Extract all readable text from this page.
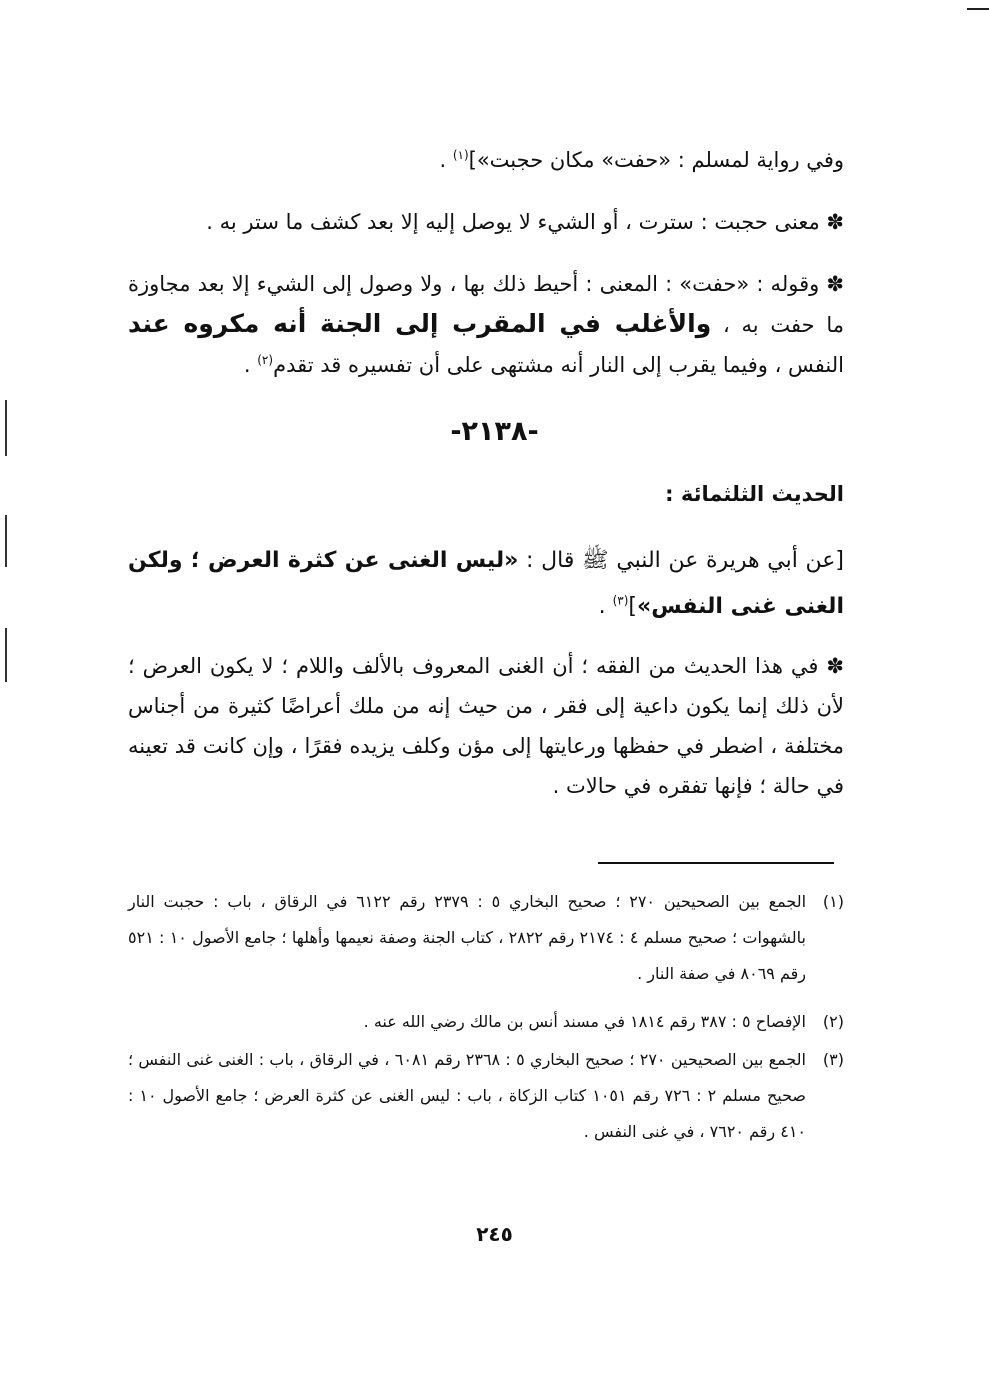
وفي رواية لمسلم : «حفت» مكان حجبت»]$^{(١)}$ .

✽ معنى حجبت : سترت ، أو الشيء لا يوصل إليه إلا بعد كشف ما ستر به .

✽ وقوله : «حفت» : المعنى : أحيط ذلك بها ، ولا وصول إلى الشيء إلا بعد مجاوزة ما حفت به ، والأغلب في المقرب إلى الجنة أنه مكروه عند النفس ، وفيما يقرب إلى النار أنه مشتهى على أن تفسيره قد تقدم$^{(٢)}$ .

-٢١٣٨-
الحديث الثلثمائة :

[عن أبي هريرة عن النبي ﷺ قال : «ليس الغنى عن كثرة العرض ؛ ولكن الغنى غنى النفس»]$^{(٣)}$ .

✽ في هذا الحديث من الفقه ؛ أن الغنى المعروف بالألف واللام ؛ لا يكون العرض ؛ لأن ذلك إنما يكون داعية إلى فقر ، من حيث إنه من ملك أعراضًا كثيرة من أجناس مختلفة ، اضطر في حفظها ورعايتها إلى مؤن وكلف يزيده فقرًا ، وإن كانت قد تعينه في حالة ؛ فإنها تفقره في حالات .

(١)
الجمع بين الصحيحين ٢٧٠ ؛ صحيح البخاري ٥ : ٢٣٧٩ رقم ٦١٢٢ في الرقاق ، باب : حجبت النار بالشهوات ؛ صحيح مسلم ٤ : ٢١٧٤ رقم ٢٨٢٢ ، كتاب الجنة وصفة نعيمها وأهلها ؛ جامع الأصول ١٠ : ٥٢١ رقم ٨٠٦٩ في صفة النار .

(٢)
الإفصاح ٥ : ٣٨٧ رقم ١٨١٤ في مسند أنس بن مالك رضي الله عنه .

(٣)
الجمع بين الصحيحين ٢٧٠ ؛ صحيح البخاري ٥ : ٢٣٦٨ رقم ٦٠٨١ ، في الرقاق ، باب : الغنى غنى النفس ؛ صحيح مسلم ٢ : ٧٢٦ رقم ١٠٥١ كتاب الزكاة ، باب : ليس الغنى عن كثرة العرض ؛ جامع الأصول ١٠ : ٤١٠ رقم ٧٦٢٠ ، في غنى النفس .

٢٤٥
